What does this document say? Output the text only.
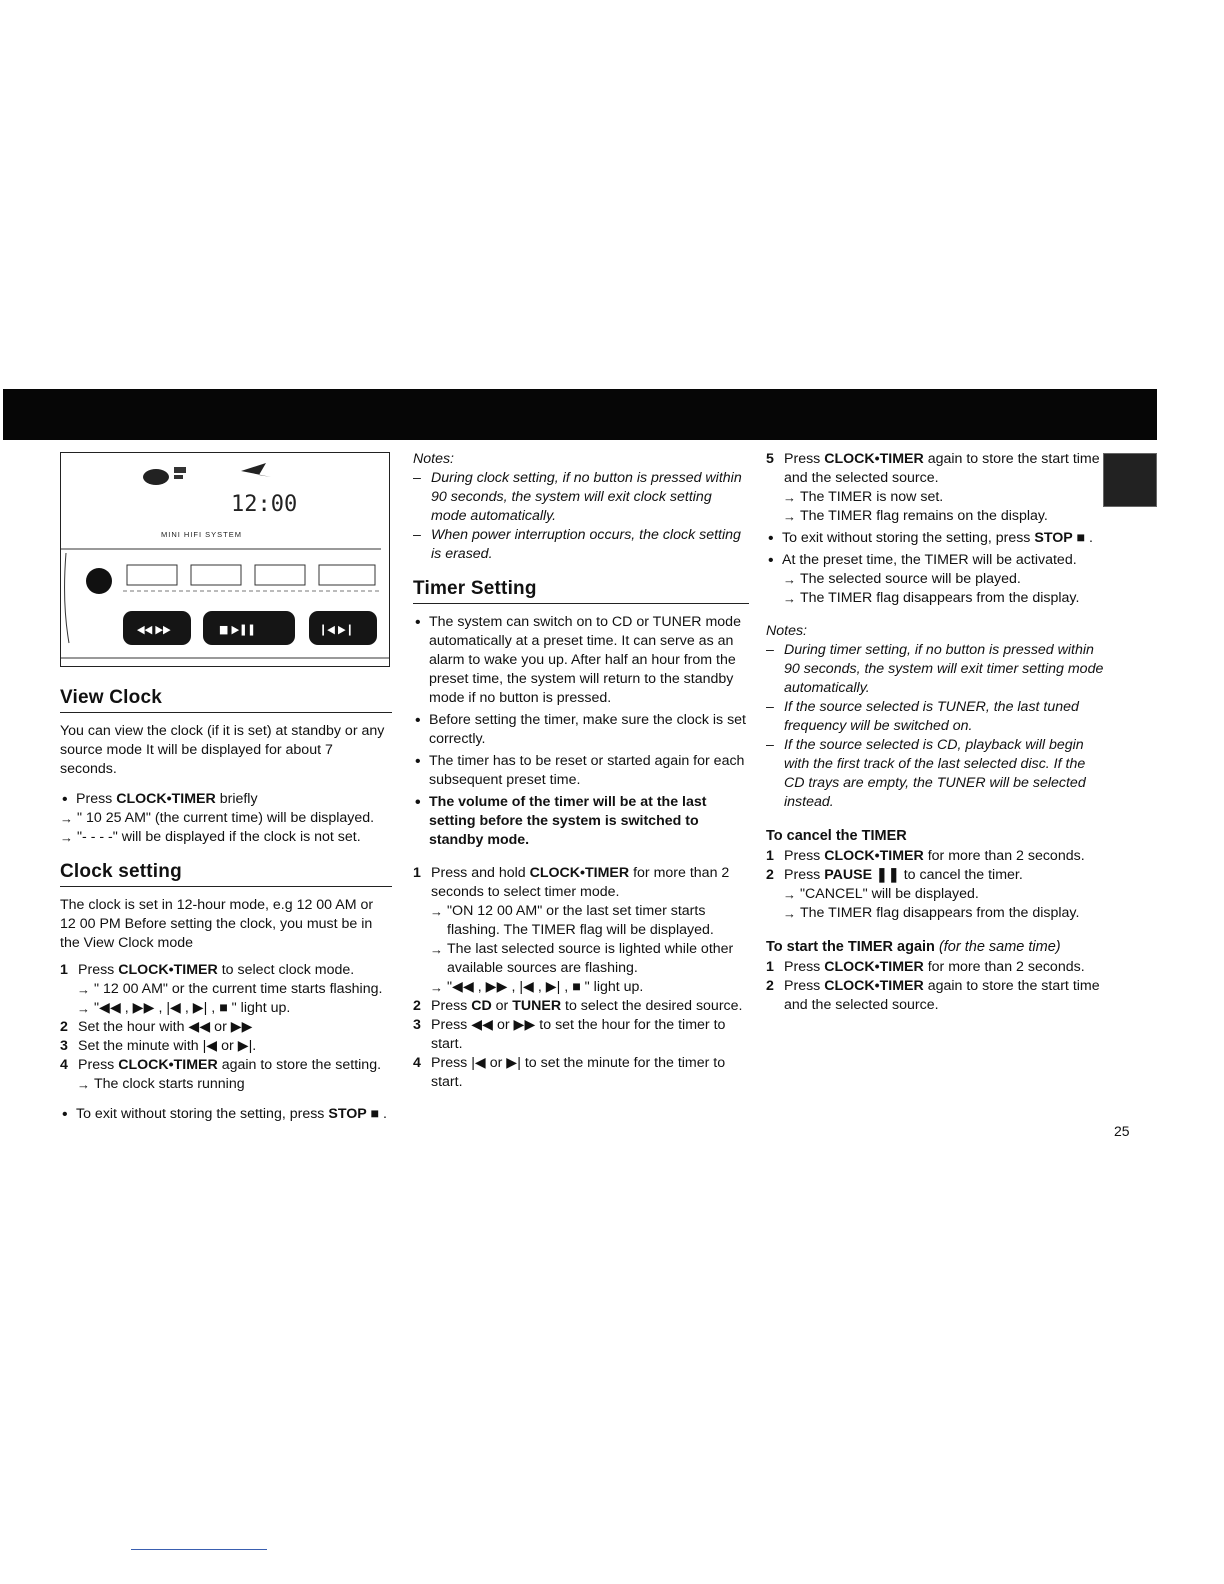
12:00
MINI HIFI SYSTEM
◀◀ ▶▶	■ ▶❚❚	❙◀ ▶❙
View Clock

You can view the clock (if it is set) at standby or any source mode It will be displayed for about 7 seconds.

• Press CLOCK•TIMER briefly
→ " 10 25 AM" (the current time) will be displayed.
→ "- - - -" will be displayed if the clock is not set.
Clock setting

The clock is set in 12-hour mode, e.g 12 00 AM or 12 00 PM Before setting the clock, you must be in the View Clock mode

1 Press CLOCK•TIMER to select clock mode.
→ " 12 00 AM" or the current time starts flashing.
→ "◀◀ , ▶▶ , |◀ , ▶| , ■ " light up.
2 Set the hour with ◀◀ or ▶▶
3 Set the minute with |◀ or ▶|.
4 Press CLOCK•TIMER again to store the setting.
→ The clock starts running
• To exit without storing the setting, press STOP ■ .
Notes:
– During clock setting, if no button is pressed within 90 seconds, the system will exit clock setting mode automatically.
– When power interruption occurs, the clock setting is erased.
Timer Setting
• The system can switch on to CD or TUNER mode automatically at a preset time. It can serve as an alarm to wake you up. After half an hour from the preset time, the system will return to the standby mode if no button is pressed.
• Before setting the timer, make sure the clock is set correctly.
• The timer has to be reset or started again for each subsequent preset time.
• The volume of the timer will be at the last setting before the system is switched to standby mode.
1 Press and hold CLOCK•TIMER for more than 2 seconds to select timer mode.
→ "ON 12 00 AM" or the last set timer starts flashing. The TIMER flag will be displayed.
→ The last selected source is lighted while other available sources are flashing.
→ "◀◀ , ▶▶ , |◀ , ▶| , ■ " light up.
2 Press CD or TUNER to select the desired source.
3 Press ◀◀ or ▶▶ to set the hour for the timer to start.
4 Press |◀ or ▶| to set the minute for the timer to start.
5 Press CLOCK•TIMER again to store the start time and the selected source.
→ The TIMER is now set.
→ The TIMER flag remains on the display.
• To exit without storing the setting, press STOP ■ .
• At the preset time, the TIMER will be activated.
→ The selected source will be played.
→ The TIMER flag disappears from the display.
Notes:
– During timer setting, if no button is pressed within 90 seconds, the system will exit timer setting mode automatically.
– If the source selected is TUNER, the last tuned frequency will be switched on.
– If the source selected is CD, playback will begin with the first track of the last selected disc. If the CD trays are empty, the TUNER will be selected instead.
To cancel the TIMER
1 Press CLOCK•TIMER for more than 2 seconds.
2 Press PAUSE ❚❚ to cancel the timer.
→ "CANCEL" will be displayed.
→ The TIMER flag disappears from the display.
To start the TIMER again (for the same time)
1 Press CLOCK•TIMER for more than 2 seconds.
2 Press CLOCK•TIMER again to store the start time and the selected source.
25
